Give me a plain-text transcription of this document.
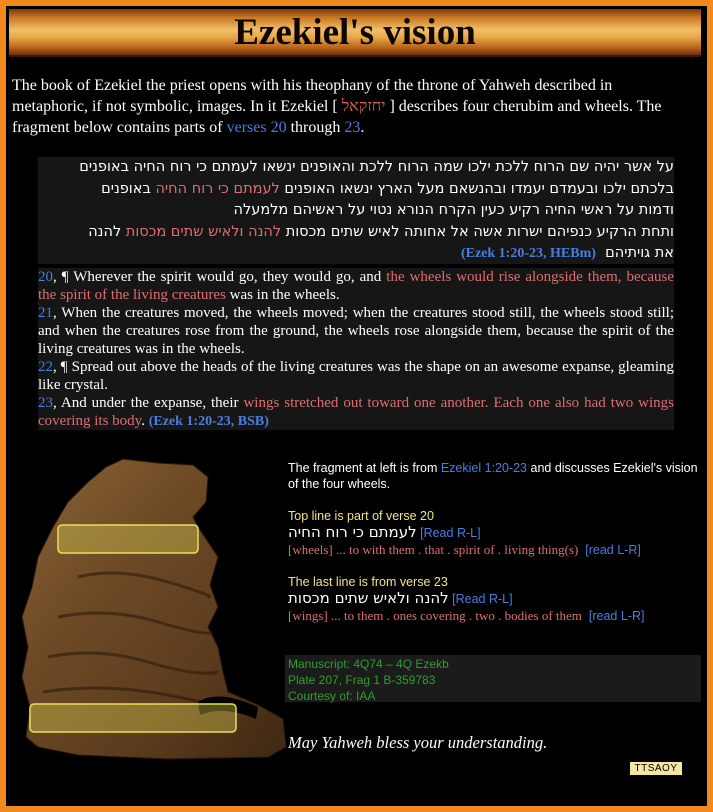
Ezekiel's vision
The book of Ezekiel the priest opens with his theophany of the throne of Yahweh described in metaphoric, if not symbolic, images. In it Ezekiel [ יחזקאל ] describes four cherubim and wheels. The fragment below contains parts of verses 20 through 23.
על אשר יהיה שם הרוח ללכת ילכו שמה הרוח ללכת והאופנים ינשאו לעמתם כי רוח החיה באופנים
בלכתם ילכו ובעמדם יעמדו ובהנשאם מעל הארץ ינשאו האופנים לעמתם כי רוח החיה באופנים
ודמות על ראשי החיה רקיע כעין הקרח הנורא נטוי על ראשיהם מלמעלה
ותחת הרקיע כנפיהם ישרות אשה אל אחותה לאיש שתים מכסות להנה ולאיש שתים מכסות להנה
את גויתיהם  (Ezek 1:20-23, HEBm)

20, ¶ Wherever the spirit would go, they would go, and the wheels would rise alongside them, because the spirit of the living creatures was in the wheels.

21, When the creatures moved, the wheels moved; when the creatures stood still, the wheels stood still; and when the creatures rose from the ground, the wheels rose alongside them, because the spirit of the living creatures was in the wheels.

22, ¶ Spread out above the heads of the living creatures was the shape on an awesome expanse, gleaming like crystal.

23, And under the expanse, their wings stretched out toward one another. Each one also had two wings covering its body. (Ezek 1:20-23, BSB)

The fragment at left is from Ezekiel 1:20-23 and discusses Ezekiel's vision of the four wheels.

Top line is part of verse 20

לעמתם כי רוח החיה [Read R-L]

[wheels] ... to with them . that . spirit of . living thing(s) [read L-R]

The last line is from verse 23

להנה ולאיש שתים מכסות [Read R-L]

[wings] ... to them . ones covering . two . bodies of them [read L-R]

Manuscript: 4Q74 – 4Q Ezekb
Plate 207, Frag 1 B-359783
Courtesy of: IAA
May Yahweh bless your understanding.
TTSAOY
